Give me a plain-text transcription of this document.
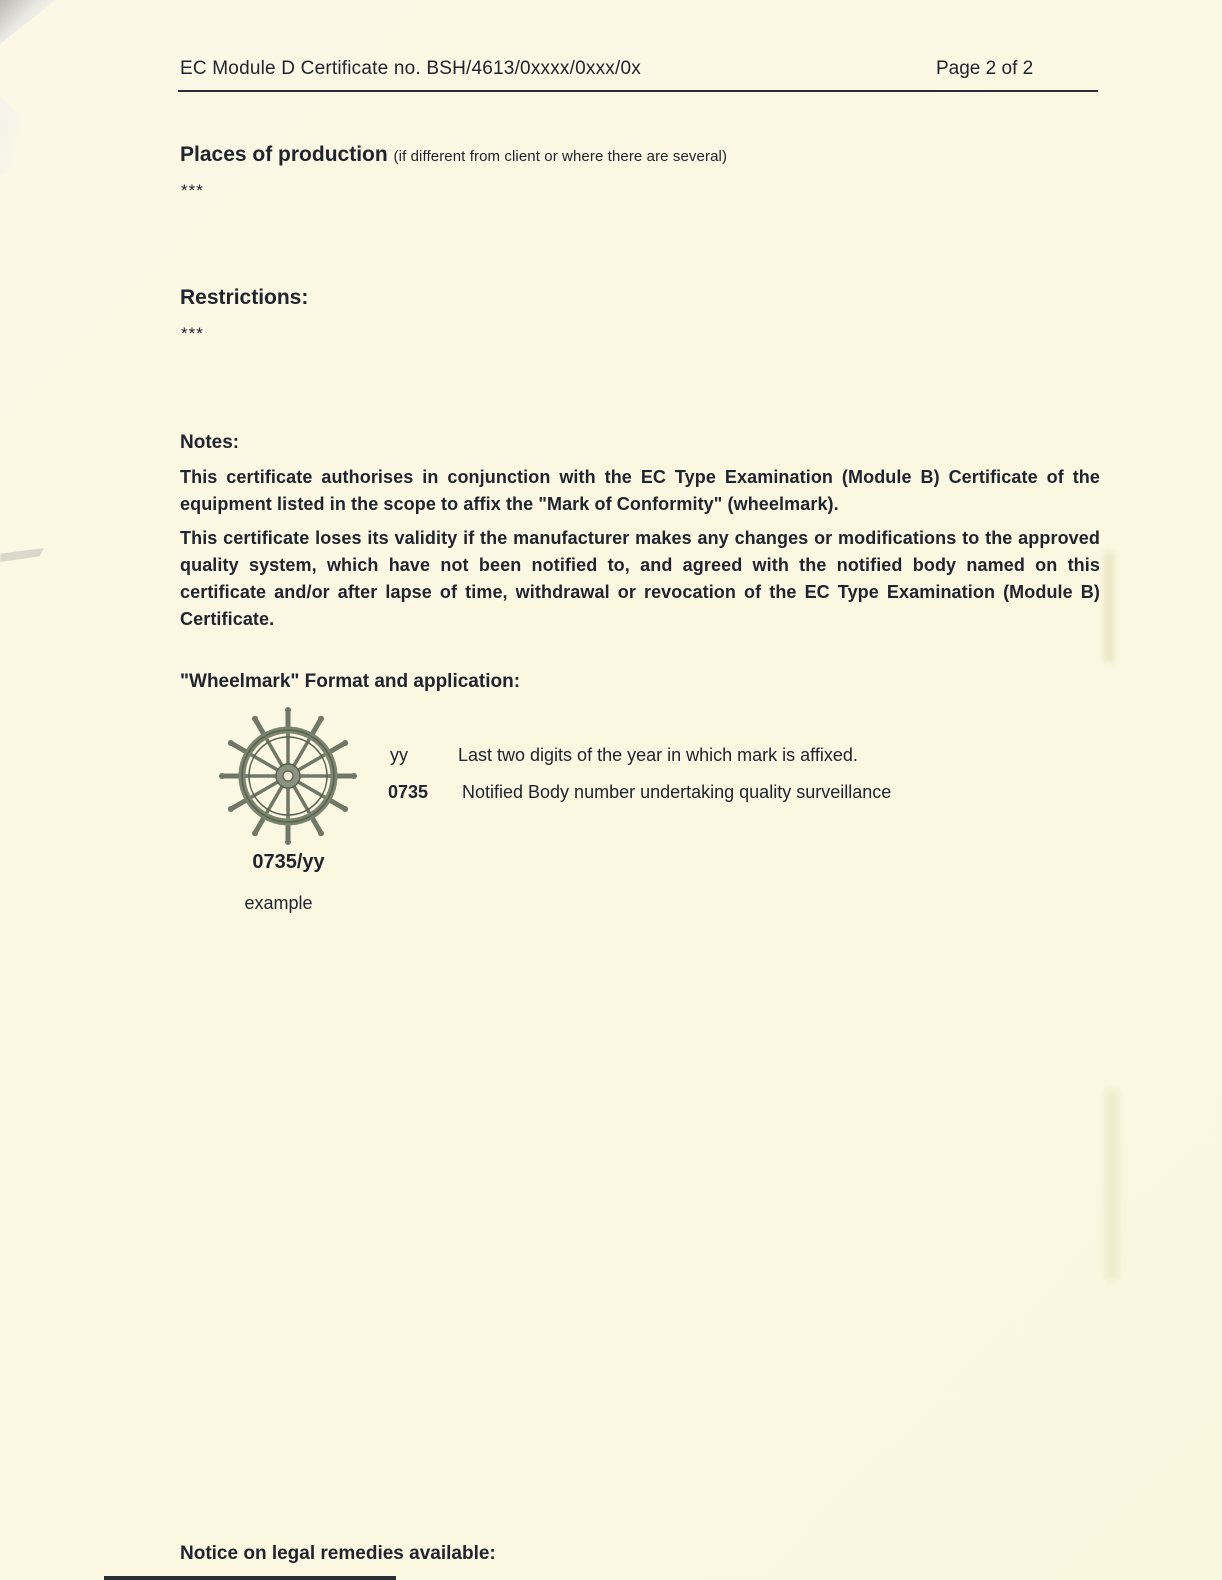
EC Module D Certificate no. BSH/4613/0xxxx/0xxx/0x	Page 2 of 2
Places of production (if different from client or where there are several)
***
Restrictions:
***
Notes:
This certificate authorises in conjunction with the EC Type Examination (Module B) Certificate of the equipment listed in the scope to affix the "Mark of Conformity" (wheelmark).
This certificate loses its validity if the manufacturer makes any changes or modifications to the approved quality system, which have not been notified to, and agreed with the notified body named on this certificate and/or after lapse of time, withdrawal or revocation of the EC Type Examination (Module B) Certificate.
"Wheelmark" Format and application:
yy	Last two digits of the year in which mark is affixed.
0735 Notified Body number undertaking quality surveillance
0735/yy
example
Notice on legal remedies available:
